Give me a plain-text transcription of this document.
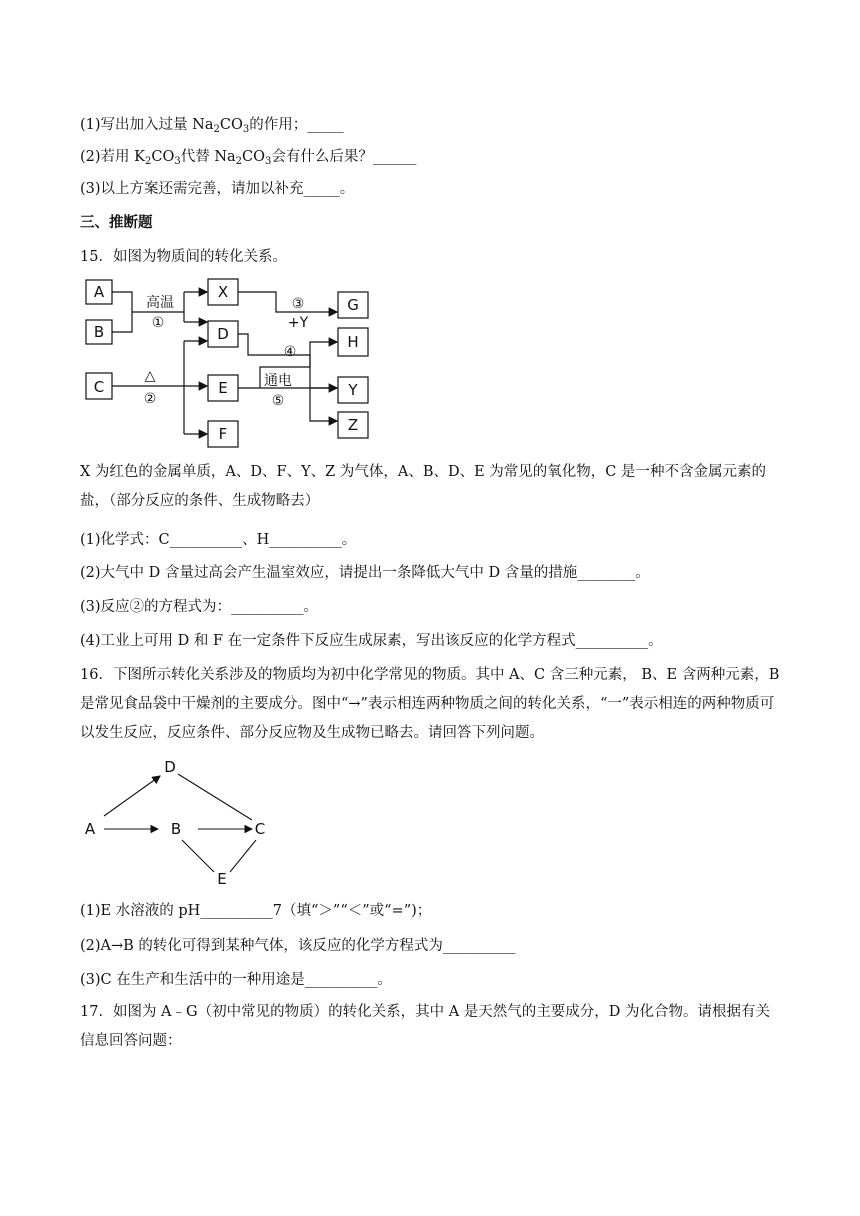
(1)写出加入过量 $Na_2CO_3$的作用；_____
(2)若用 $K_2CO_3$代替 $Na_2CO_3$会有什么后果？______
(3)以上方案还需完善，请加以补充_____。
三、推断题
15．如图为物质间的转化关系。
A
B
C
X
D
E
F
G
H
Y
Z
高温
①
△
②
③
+Y
④
通电
⑤
X 为红色的金属单质，A、D、F、Y、Z 为气体，A、B、D、E 为常见的氧化物，C 是一种不含金属元素的盐，（部分反应的条件、生成物略去）
(1)化学式：C__________、H__________。
(2)大气中 D 含量过高会产生温室效应，请提出一条降低大气中 D 含量的措施________。
(3)反应②的方程式为：__________。
(4)工业上可用 D 和 F 在一定条件下反应生成尿素，写出该反应的化学方程式__________。
16．下图所示转化关系涉及的物质均为初中化学常见的物质。其中 A、C 含三种元素， B、E 含两种元素，B 是常见食品袋中干燥剂的主要成分。图中“→”表示相连两种物质之间的转化关系，“一”表示相连的两种物质可以发生反应，反应条件、部分反应物及生成物已略去。请回答下列问题。
D
A	B	C
E
(1)E 水溶液的 pH__________7（填“＞”“＜”或“=”)；
(2)A→B 的转化可得到某种气体，该反应的化学方程式为__________
(3)C 在生产和生活中的一种用途是__________。
17．如图为 A﹣G（初中常见的物质）的转化关系，其中 A 是天然气的主要成分，D 为化合物。请根据有关信息回答问题：
